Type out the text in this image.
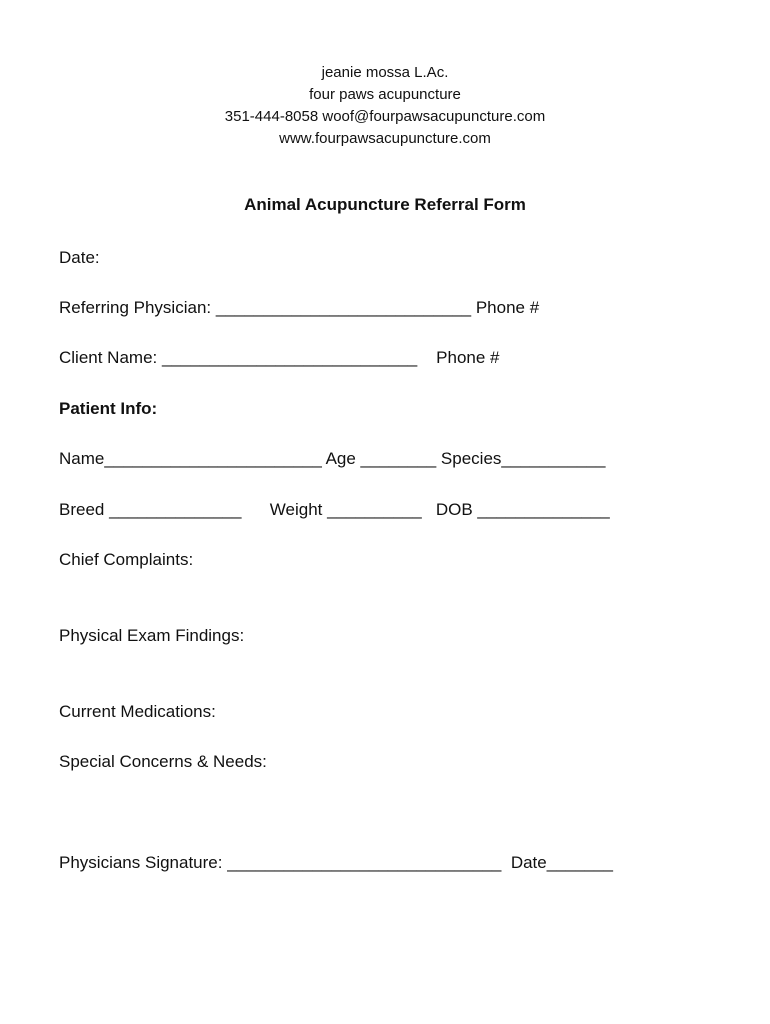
jeanie mossa L.Ac.
four paws acupuncture
351-444-8058 woof@fourpawsacupuncture.com
www.fourpawsacupuncture.com
Animal Acupuncture Referral Form
Date:
Referring Physician: ___________________________ Phone #
Client Name: ___________________________    Phone #
Patient Info:
Name_______________________ Age ________ Species___________
Breed ______________      Weight __________   DOB ______________
Chief Complaints:
Physical Exam Findings:
Current Medications:
Special Concerns & Needs:
Physicians Signature: _____________________________  Date_______
